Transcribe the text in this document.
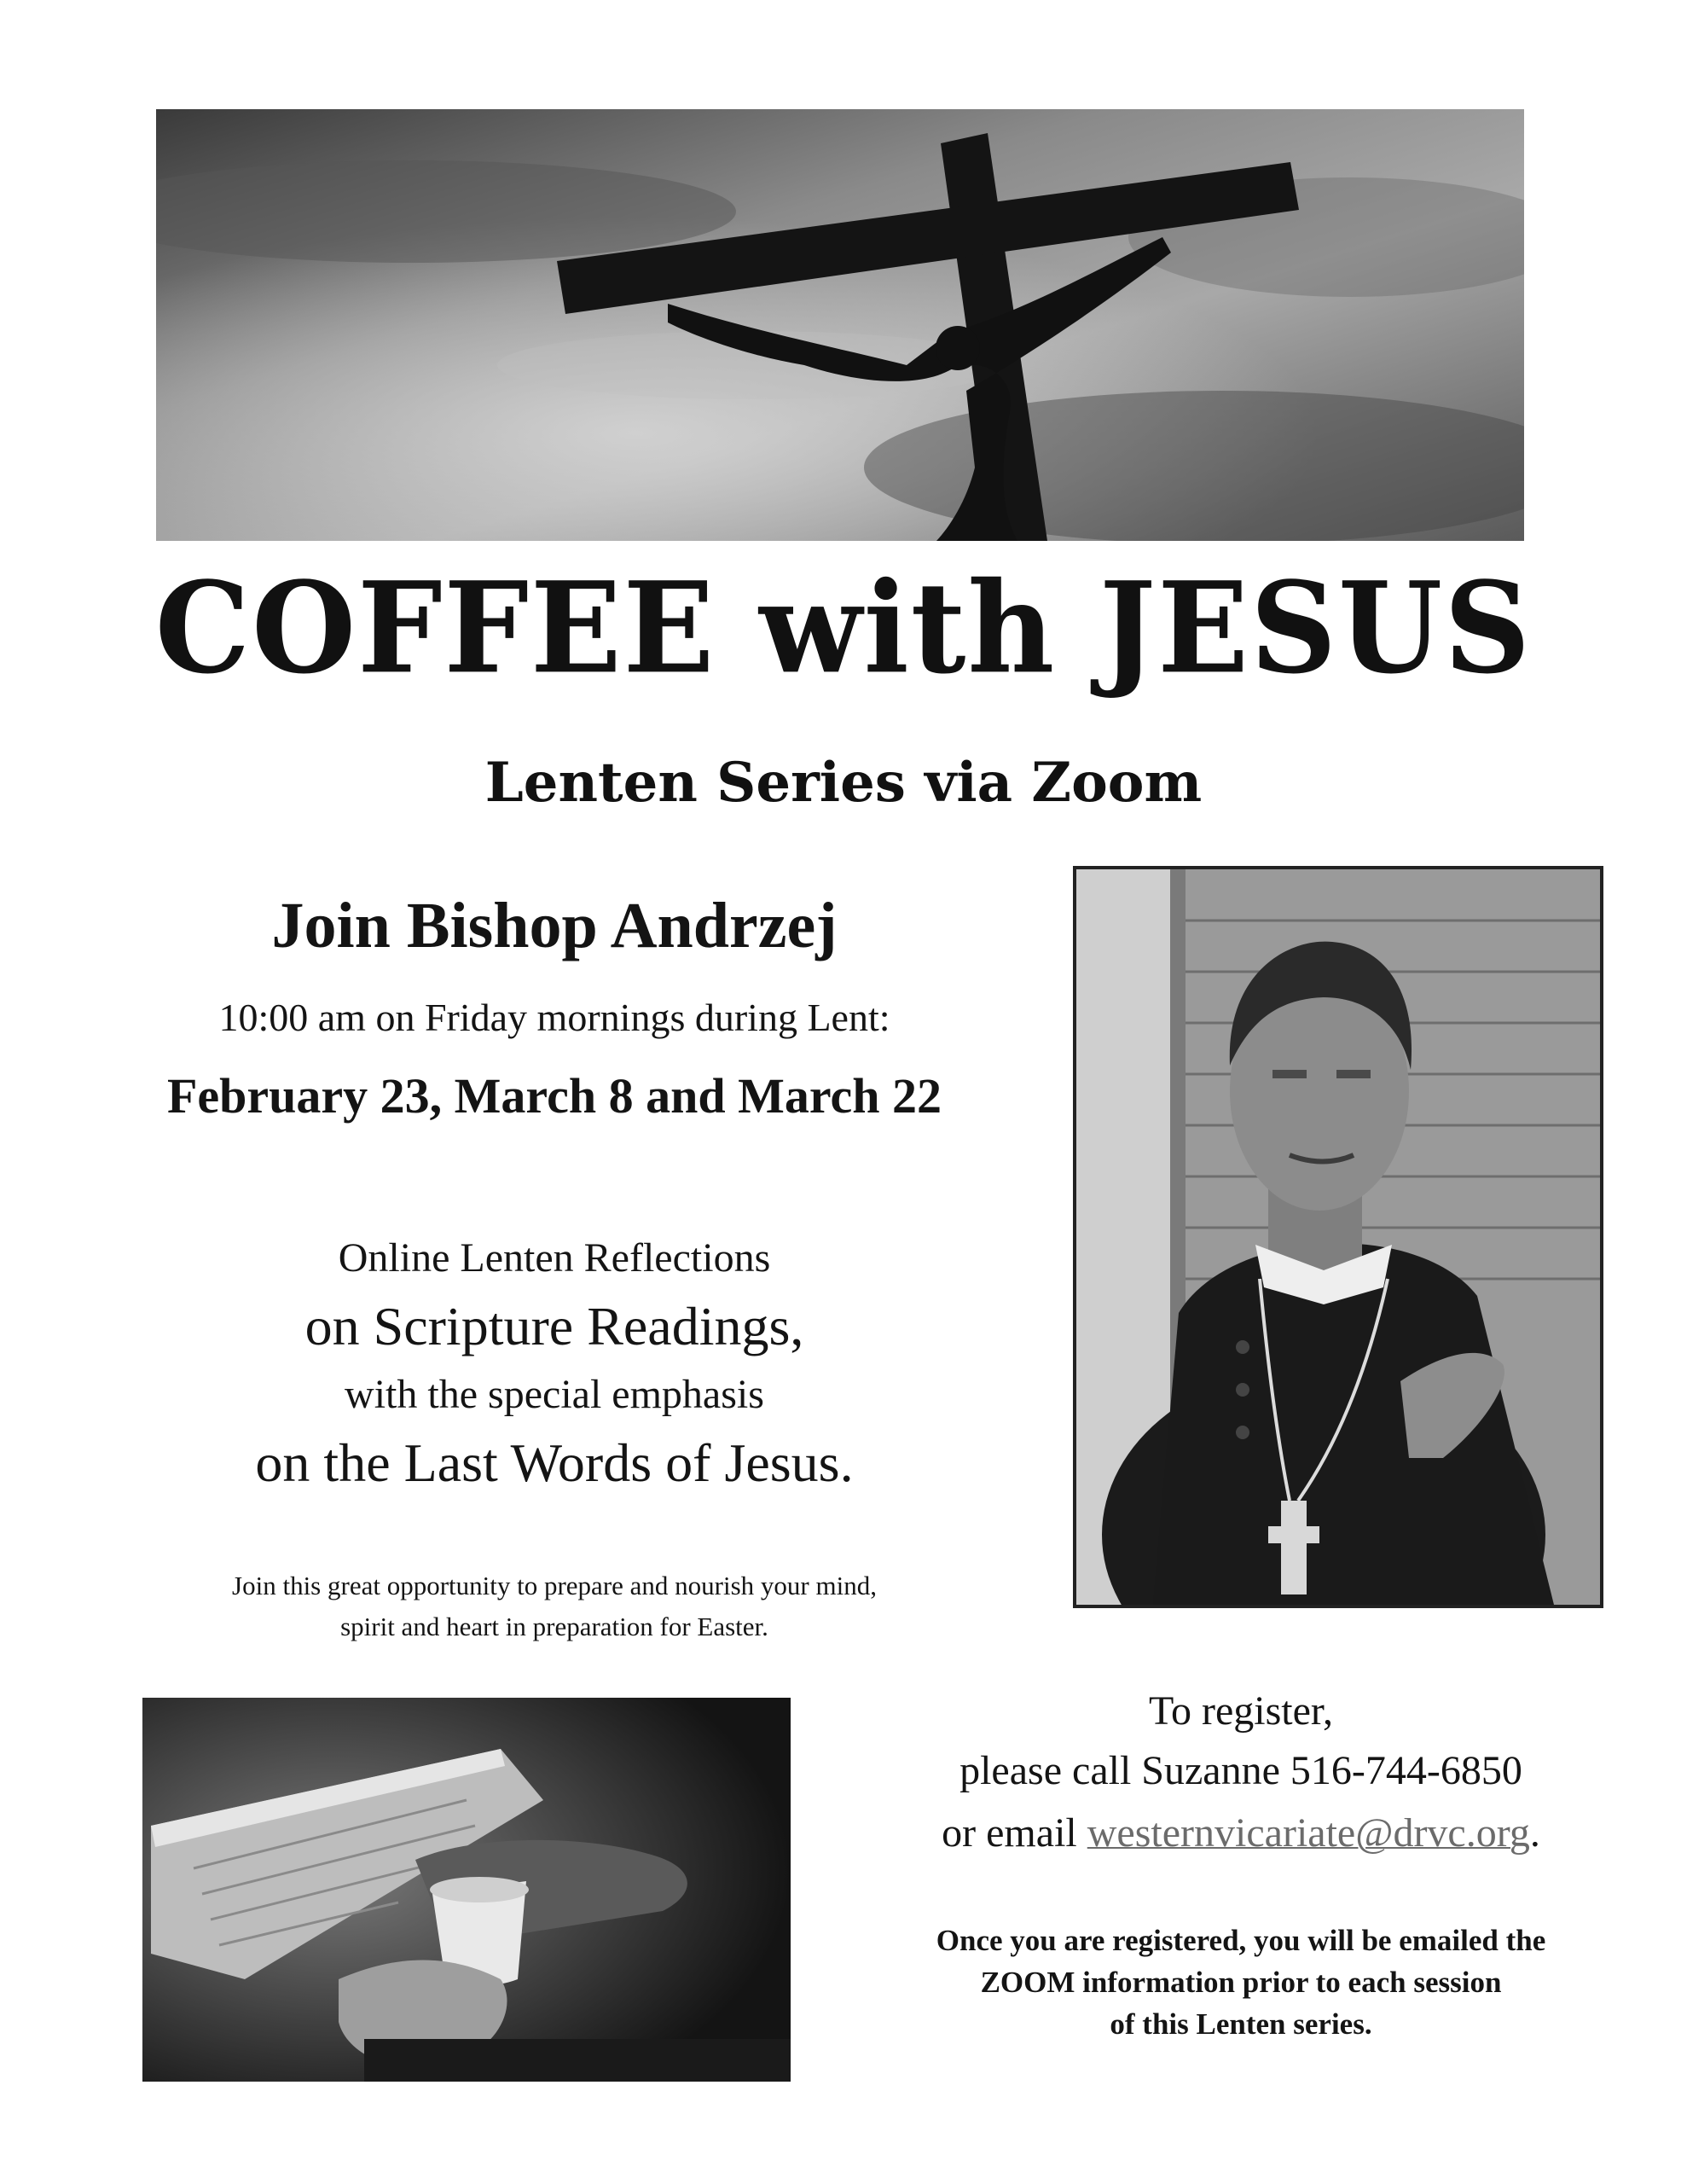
COFFEE with JESUS
Lenten Series via Zoom
Join Bishop Andrzej
10:00 am on Friday mornings during Lent:
February 23, March 8 and March 22
Online Lenten Reflections
on Scripture Readings,
with the special emphasis
on the Last Words of Jesus.
Join this great opportunity to prepare and nourish your mind,
spirit and heart in preparation for Easter.
To register,
please call Suzanne 516-744-6850
or email westernvicariate@drvc.org.
Once you are registered, you will be emailed the
ZOOM information prior to each session
of this Lenten series.
